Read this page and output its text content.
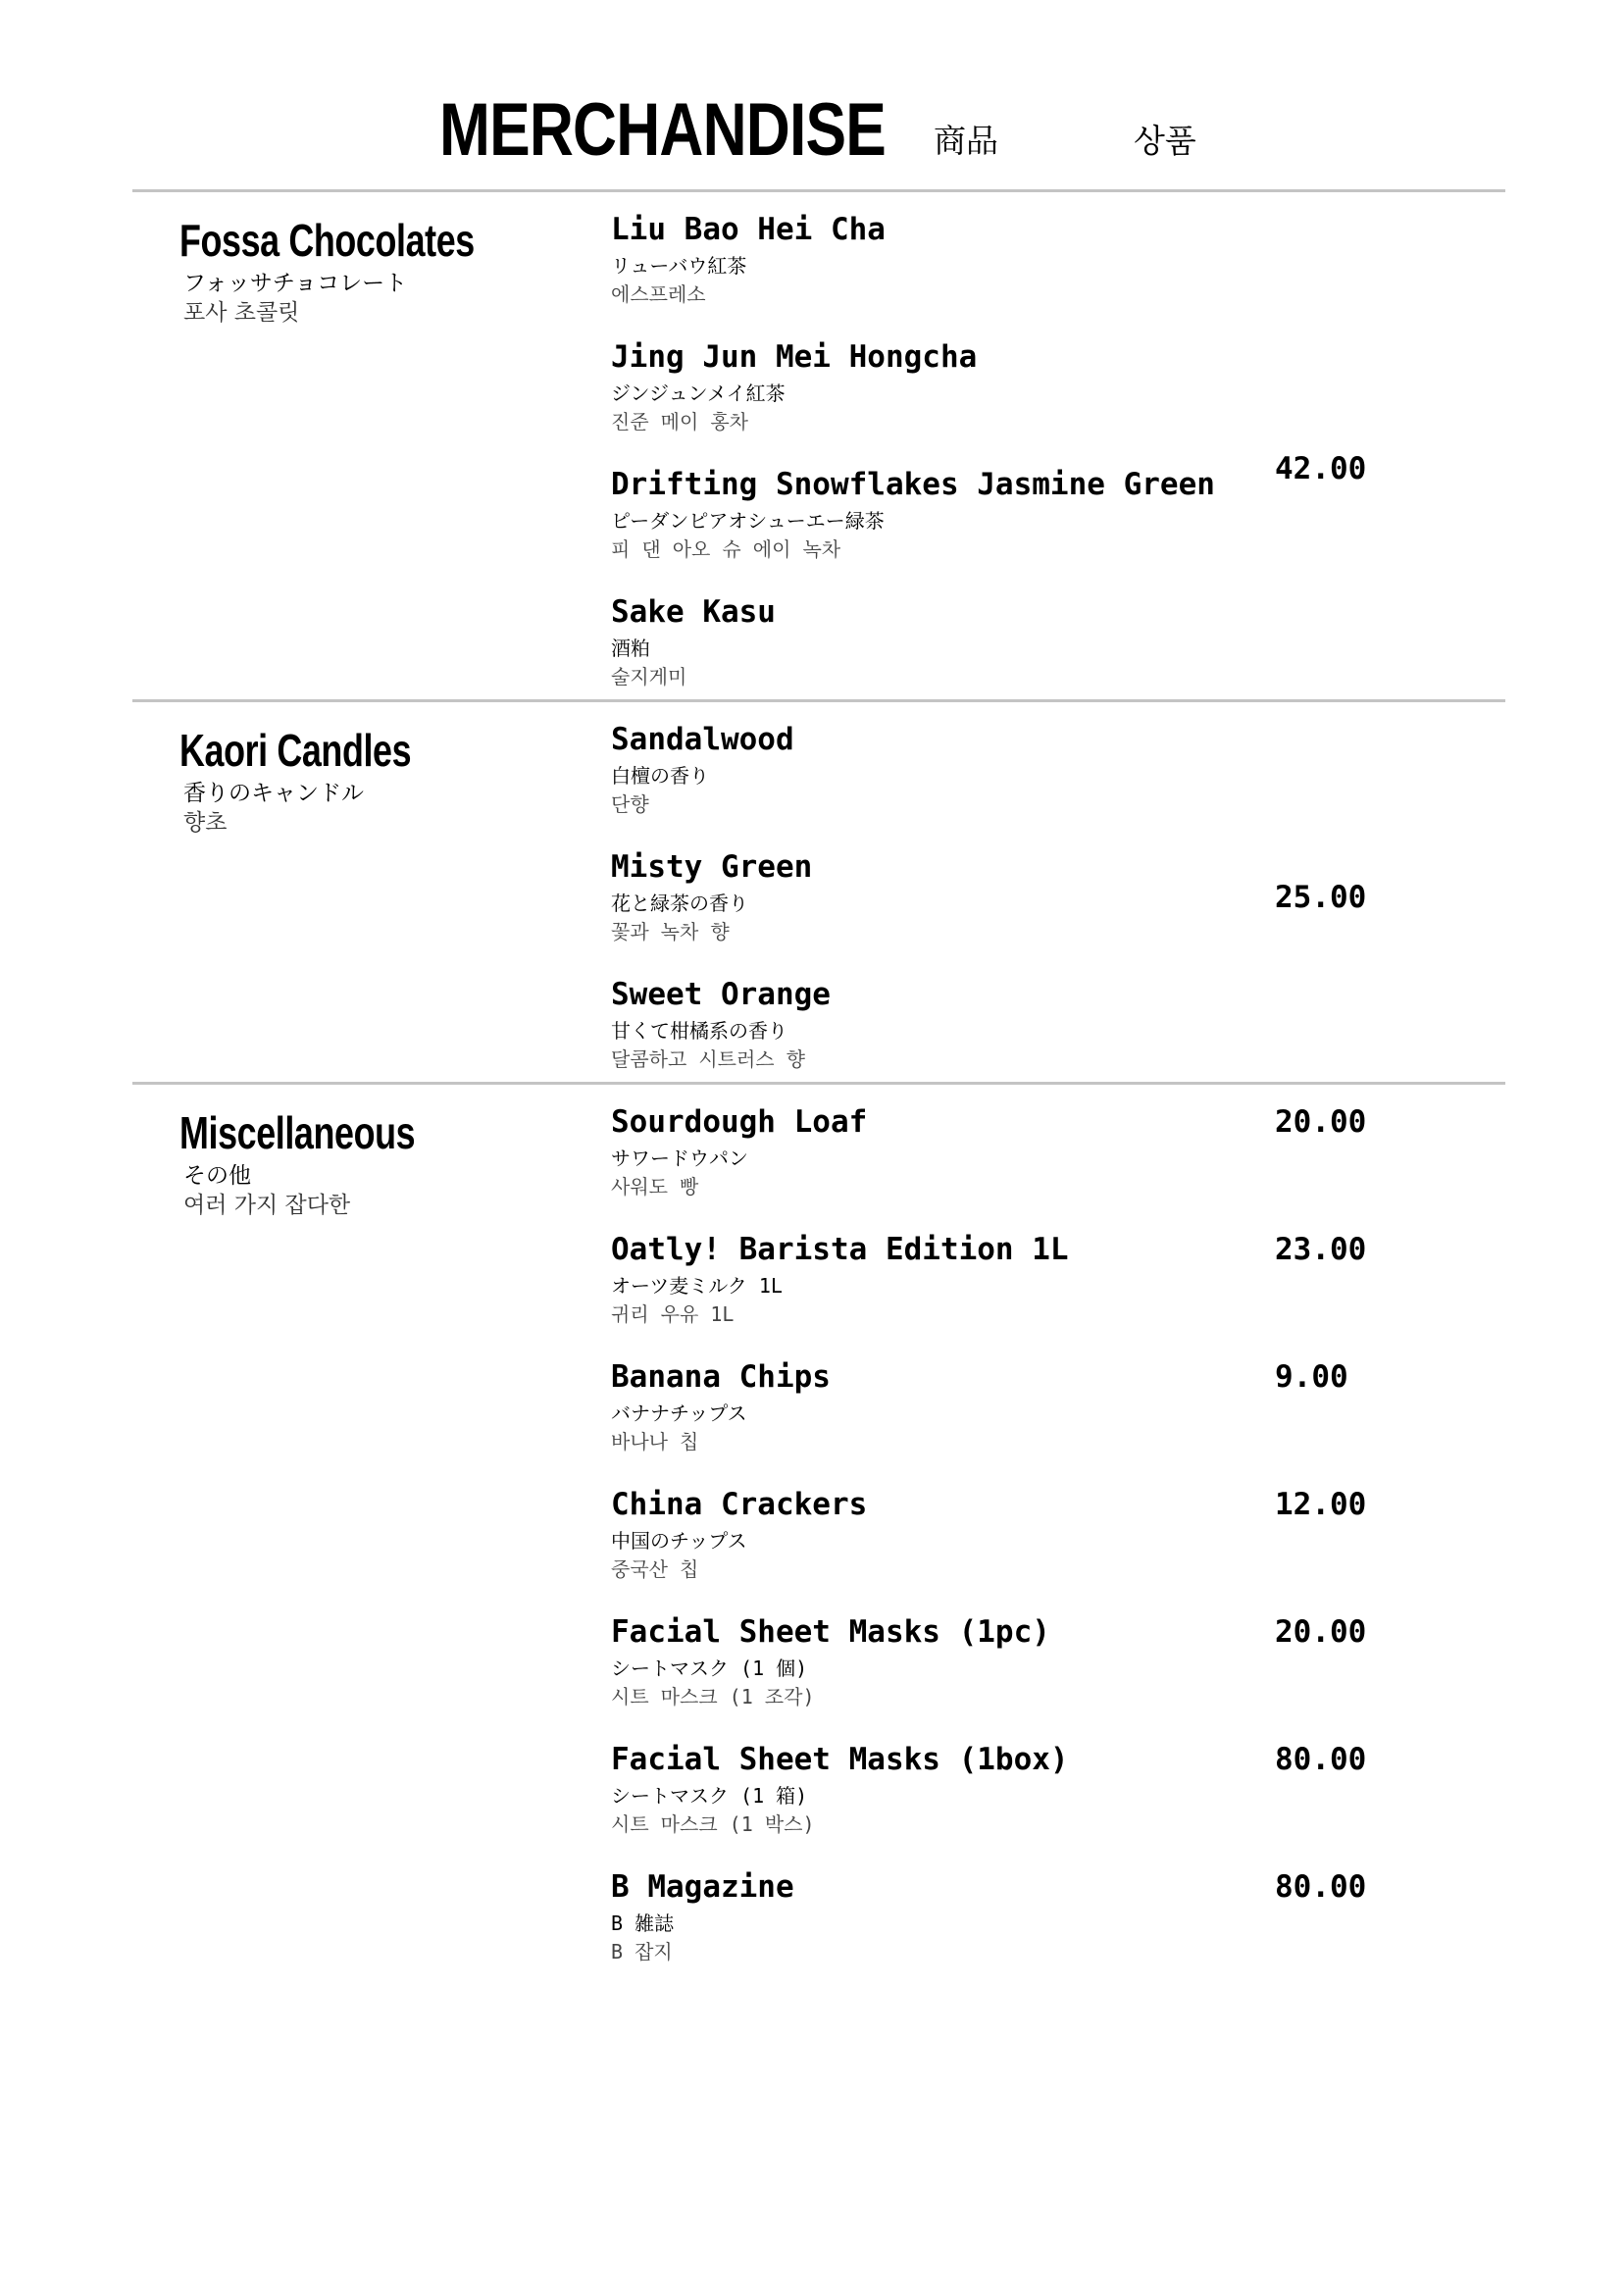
MERCHANDISE 商品	상품
Fossa Chocolates
フォッサチョコレート
포사 초콜릿
Liu Bao Hei Cha
リューバウ紅茶
에스프레소
Jing Jun Mei Hongcha
ジンジュンメイ紅茶
진준 메이 홍차
Drifting Snowflakes Jasmine Green
ピーダンピアオシューエー緑茶
피 댄 아오 슈 에이 녹차
Sake Kasu
酒粕
술지게미
42.00
Kaori Candles
香りのキャンドル
향초
Sandalwood
白檀の香り
단향
Misty Green
花と緑茶の香り
꽃과 녹차 향
Sweet Orange
甘くて柑橘系の香り
달콤하고 시트러스 향
25.00
Miscellaneous
その他
여러 가지 잡다한
Sourdough Loaf
サワードウパン
사워도 빵
20.00
Oatly! Barista Edition 1L
オーツ麦ミルク 1L
귀리 우유 1L
23.00
Banana Chips
バナナチップス
바나나 칩
9.00
China Crackers
中国のチップス
중국산 칩
12.00
Facial Sheet Masks (1pc)
シートマスク (1 個)
시트 마스크 (1 조각)
20.00
Facial Sheet Masks (1box)
シートマスク (1 箱)
시트 마스크 (1 박스)
80.00
B Magazine
B 雑誌
B 잡지
80.00
